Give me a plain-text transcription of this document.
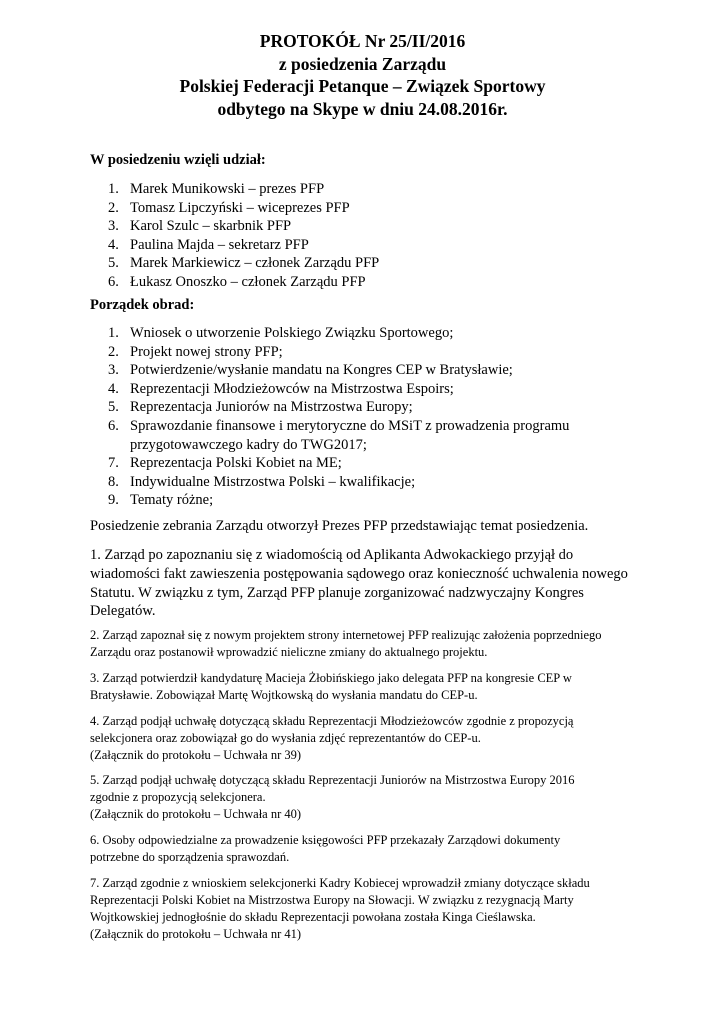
PROTOKÓŁ Nr 25/II/2016
z posiedzenia Zarządu
Polskiej Federacji Petanque – Związek Sportowy
odbytego na Skype w dniu 24.08.2016r.
W posiedzeniu wzięli udział:
1. Marek Munikowski – prezes PFP
2. Tomasz Lipczyński – wiceprezes PFP
3. Karol Szulc – skarbnik PFP
4. Paulina Majda – sekretarz PFP
5. Marek Markiewicz – członek Zarządu PFP
6. Łukasz Onoszko – członek Zarządu PFP
Porządek obrad:
1. Wniosek o utworzenie Polskiego Związku Sportowego;
2. Projekt nowej strony PFP;
3. Potwierdzenie/wysłanie mandatu na Kongres CEP w Bratysławie;
4. Reprezentacji Młodzieżowców na Mistrzostwa Espoirs;
5. Reprezentacja Juniorów na Mistrzostwa Europy;
6. Sprawozdanie finansowe i merytoryczne do MSiT z prowadzenia programu
przygotowawczego kadry do TWG2017;
7. Reprezentacja Polski Kobiet na ME;
8. Indywidualne Mistrzostwa Polski – kwalifikacje;
9. Tematy różne;

Posiedzenie zebrania Zarządu otworzył Prezes PFP przedstawiając temat posiedzenia.

1. Zarząd po zapoznaniu się z wiadomością od Aplikanta Adwokackiego przyjął do
wiadomości fakt zawieszenia postępowania sądowego oraz konieczność uchwalenia nowego
Statutu. W związku z tym, Zarząd PFP planuje zorganizować nadzwyczajny Kongres
Delegatów.

2. Zarząd zapoznał się z nowym projektem strony internetowej PFP realizując założenia poprzedniego
Zarządu oraz postanowił wprowadzić nieliczne zmiany do aktualnego projektu.

3. Zarząd potwierdził kandydaturę Macieja Żłobińskiego jako delegata PFP na kongresie CEP w
Bratysławie. Zobowiązał Martę Wojtkowską do wysłania mandatu do CEP-u.

4. Zarząd podjął uchwałę dotyczącą składu Reprezentacji Młodzieżowców zgodnie z propozycją
selekcjonera oraz zobowiązał go do wysłania zdjęć reprezentantów do CEP-u.
(Załącznik do protokołu – Uchwała nr 39)

5. Zarząd podjął uchwałę dotyczącą składu Reprezentacji Juniorów na Mistrzostwa Europy 2016
zgodnie z propozycją selekcjonera.
(Załącznik do protokołu – Uchwała nr 40)

6. Osoby odpowiedzialne za prowadzenie księgowości PFP przekazały Zarządowi dokumenty
potrzebne do sporządzenia sprawozdań.

7. Zarząd zgodnie z wnioskiem selekcjonerki Kadry Kobiecej wprowadził zmiany dotyczące składu
Reprezentacji Polski Kobiet na Mistrzostwa Europy na Słowacji. W związku z rezygnacją Marty
Wojtkowskiej jednogłośnie do składu Reprezentacji powołana została Kinga Cieślawska.
(Załącznik do protokołu – Uchwała nr 41)
